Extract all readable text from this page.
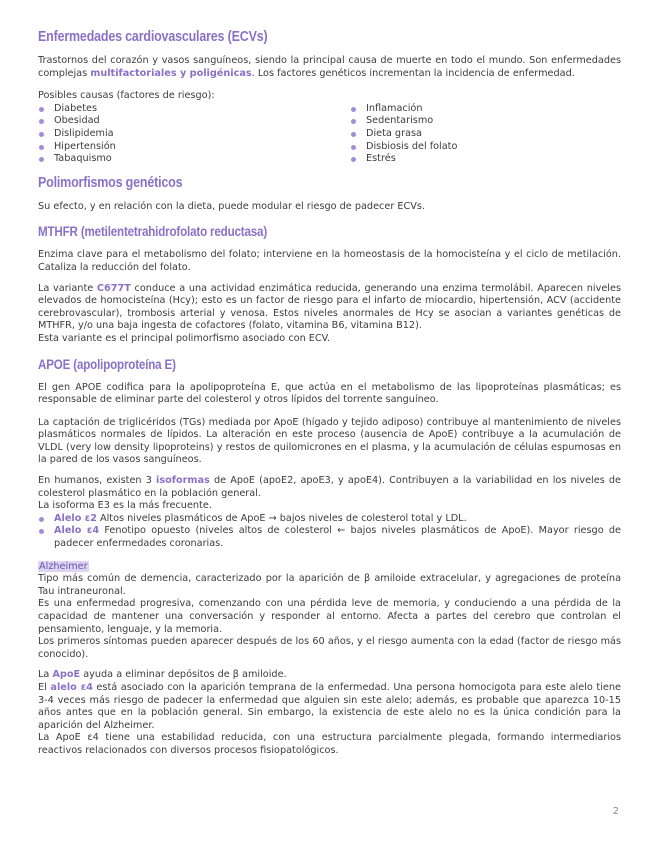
Enfermedades cardiovasculares (ECVs)

Trastornos del corazón y vasos sanguíneos, siendo la principal causa de muerte en todo el mundo. Son enfermedades complejas multifactoriales y poligénicas. Los factores genéticos incrementan la incidencia de enfermedad.

Posibles causas (factores de riesgo):

Diabetes
Obesidad
Dislipidemia
Hipertensión
Tabaquismo
Inflamación
Sedentarismo
Dieta grasa
Disbiosis del folato
Estrés
Polimorfismos genéticos

Su efecto, y en relación con la dieta, puede modular el riesgo de padecer ECVs.

MTHFR (metilentetrahidrofolato reductasa)

Enzima clave para el metabolismo del folato; interviene en la homeostasis de la homocisteína y el ciclo de metilación. Cataliza la reducción del folato.

La variante C677T conduce a una actividad enzimática reducida, generando una enzima termolábil. Aparecen niveles elevados de homocisteína (Hcy); esto es un factor de riesgo para el infarto de miocardio, hipertensión, ACV (accidente cerebrovascular), trombosis arterial y venosa. Estos niveles anormales de Hcy se asocian a variantes genéticas de MTHFR, y/o una baja ingesta de cofactores (folato, vitamina B6, vitamina B12).

Esta variante es el principal polimorfismo asociado con ECV.

APOE (apolipoproteína E)

El gen APOE codifica para la apolipoproteína E, que actúa en el metabolismo de las lipoproteínas plasmáticas; es responsable de eliminar parte del colesterol y otros lípidos del torrente sanguíneo.

La captación de triglicéridos (TGs) mediada por ApoE (hígado y tejido adiposo) contribuye al mantenimiento de niveles plasmáticos normales de lípidos. La alteración en este proceso (ausencia de ApoE) contribuye a la acumulación de VLDL (very low density lipoproteins) y restos de quilomicrones en el plasma, y la acumulación de células espumosas en la pared de los vasos sanguíneos.

En humanos, existen 3 isoformas de ApoE (apoE2, apoE3, y apoE4). Contribuyen a la variabilidad en los niveles de colesterol plasmático en la población general.

La isoforma E3 es la más frecuente.

Alelo ε2 Altos niveles plasmáticos de ApoE → bajos niveles de colesterol total y LDL.
Alelo ε4 Fenotipo opuesto (niveles altos de colesterol ← bajos niveles plasmáticos de ApoE). Mayor riesgo de padecer enfermedades coronarias.

Alzheimer

Tipo más común de demencia, caracterizado por la aparición de β amiloide extracelular, y agregaciones de proteína Tau intraneuronal.

Es una enfermedad progresiva, comenzando con una pérdida leve de memoria, y conduciendo a una pérdida de la capacidad de mantener una conversación y responder al entorno. Afecta a partes del cerebro que controlan el pensamiento, lenguaje, y la memoria.

Los primeros síntomas pueden aparecer después de los 60 años, y el riesgo aumenta con la edad (factor de riesgo más conocido).

La ApoE ayuda a eliminar depósitos de β amiloide.

El alelo ε4 está asociado con la aparición temprana de la enfermedad. Una persona homocigota para este alelo tiene 3-4 veces más riesgo de padecer la enfermedad que alguien sin este alelo; además, es probable que aparezca 10-15 años antes que en la población general. Sin embargo, la existencia de este alelo no es la única condición para la aparición del Alzheimer.

La ApoE ε4 tiene una estabilidad reducida, con una estructura parcialmente plegada, formando intermediarios reactivos relacionados con diversos procesos fisiopatológicos.

2
